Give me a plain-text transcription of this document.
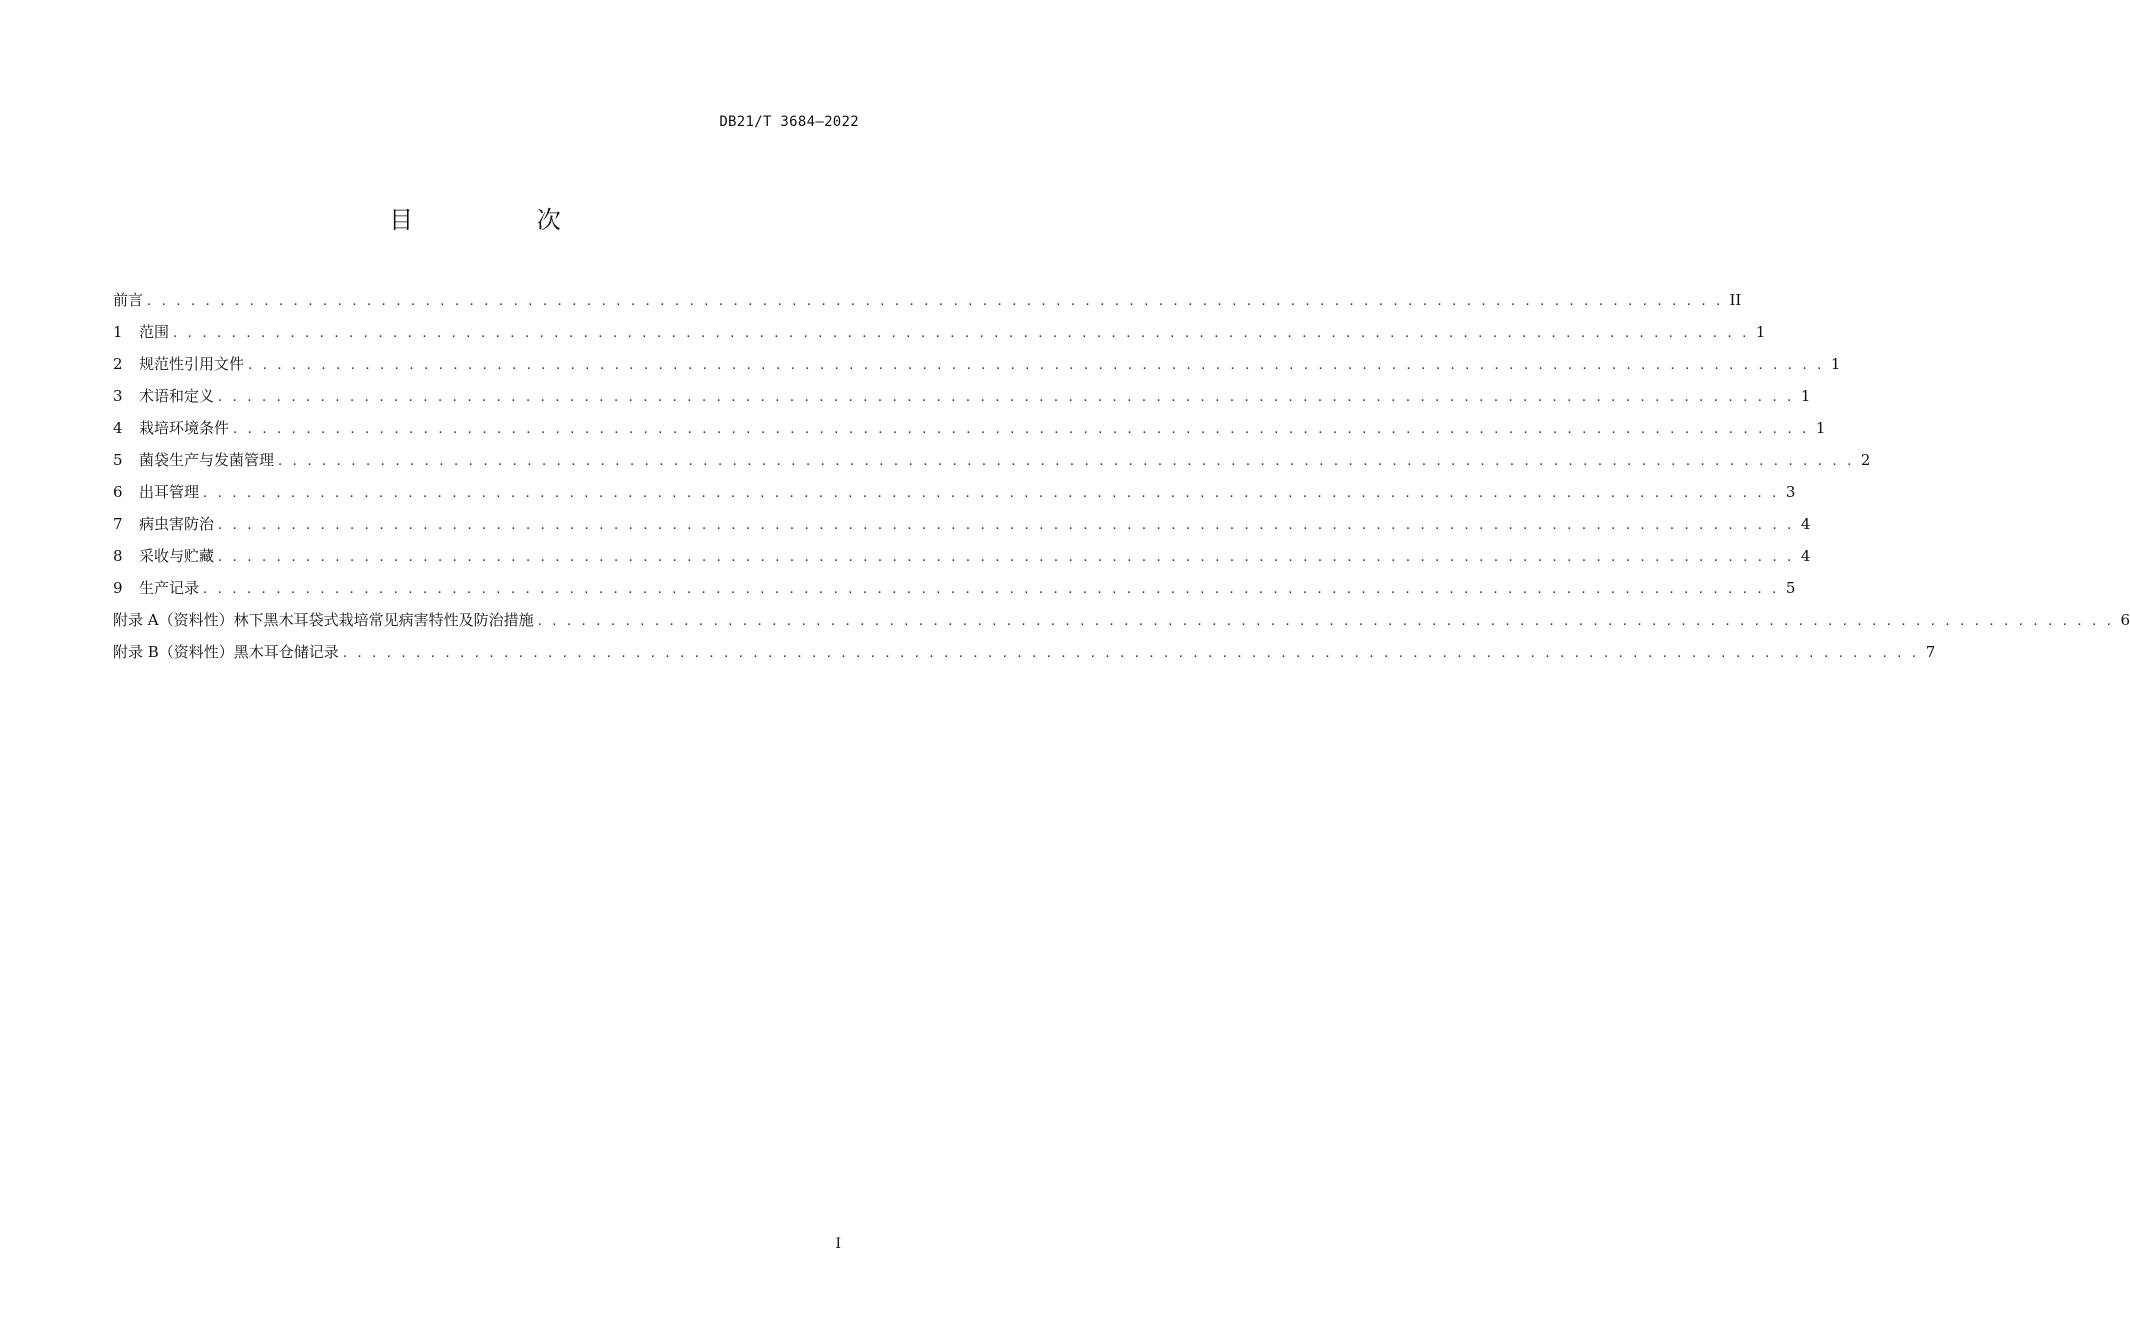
DB21/T 3684—2022
目 次
前言 . . . . . . . . . . . . . . . . . . . . . . . . . . . . . . . . . . . . . . . . . . . . . . . . . . . . . . . . . . . . . . . . . . . . . . . . . . . . . . . . . . . . . . . . . . . . . . . . . . . . . . . . . . . . II
1	范围 . . . . . . . . . . . . . . . . . . . . . . . . . . . . . . . . . . . . . . . . . . . . . . . . . . . . . . . . . . . . . . . . . . . . . . . . . . . . . . . . . . . . . . . . . . . . . . . . . . . . . . . . . . . . 1
2	规范性引用文件 . . . . . . . . . . . . . . . . . . . . . . . . . . . . . . . . . . . . . . . . . . . . . . . . . . . . . . . . . . . . . . . . . . . . . . . . . . . . . . . . . . . . . . . . . . . . . . . . . . . . . . . . . . . . 1
3	术语和定义 . . . . . . . . . . . . . . . . . . . . . . . . . . . . . . . . . . . . . . . . . . . . . . . . . . . . . . . . . . . . . . . . . . . . . . . . . . . . . . . . . . . . . . . . . . . . . . . . . . . . . . . . . . . . 1
4	栽培环境条件 . . . . . . . . . . . . . . . . . . . . . . . . . . . . . . . . . . . . . . . . . . . . . . . . . . . . . . . . . . . . . . . . . . . . . . . . . . . . . . . . . . . . . . . . . . . . . . . . . . . . . . . . . . . . 1
5	菌袋生产与发菌管理 . . . . . . . . . . . . . . . . . . . . . . . . . . . . . . . . . . . . . . . . . . . . . . . . . . . . . . . . . . . . . . . . . . . . . . . . . . . . . . . . . . . . . . . . . . . . . . . . . . . . . . . . . . . . 2
6	出耳管理 . . . . . . . . . . . . . . . . . . . . . . . . . . . . . . . . . . . . . . . . . . . . . . . . . . . . . . . . . . . . . . . . . . . . . . . . . . . . . . . . . . . . . . . . . . . . . . . . . . . . . . . . . . . . 3
7	病虫害防治 . . . . . . . . . . . . . . . . . . . . . . . . . . . . . . . . . . . . . . . . . . . . . . . . . . . . . . . . . . . . . . . . . . . . . . . . . . . . . . . . . . . . . . . . . . . . . . . . . . . . . . . . . . . . 4
8	采收与贮藏 . . . . . . . . . . . . . . . . . . . . . . . . . . . . . . . . . . . . . . . . . . . . . . . . . . . . . . . . . . . . . . . . . . . . . . . . . . . . . . . . . . . . . . . . . . . . . . . . . . . . . . . . . . . . 4
9	生产记录 . . . . . . . . . . . . . . . . . . . . . . . . . . . . . . . . . . . . . . . . . . . . . . . . . . . . . . . . . . . . . . . . . . . . . . . . . . . . . . . . . . . . . . . . . . . . . . . . . . . . . . . . . . . . 5
附录 A（资料性） 林下黑木耳袋式栽培常见病害特性及防治措施 . . . . . . . . . . . . . . . . . . . . . . . . . . . . . . . . . . . . . . . . . . . . . . . . . . . . . . . . . . . . . . . . . . . . . . . . . . . . . . . . . . . . . . . . . . . . . . . . . . . . . . . . . . . . 6
附录 B（资料性） 黑木耳仓储记录 . . . . . . . . . . . . . . . . . . . . . . . . . . . . . . . . . . . . . . . . . . . . . . . . . . . . . . . . . . . . . . . . . . . . . . . . . . . . . . . . . . . . . . . . . . . . . . . . . . . . . . . . . . . . 7
I
